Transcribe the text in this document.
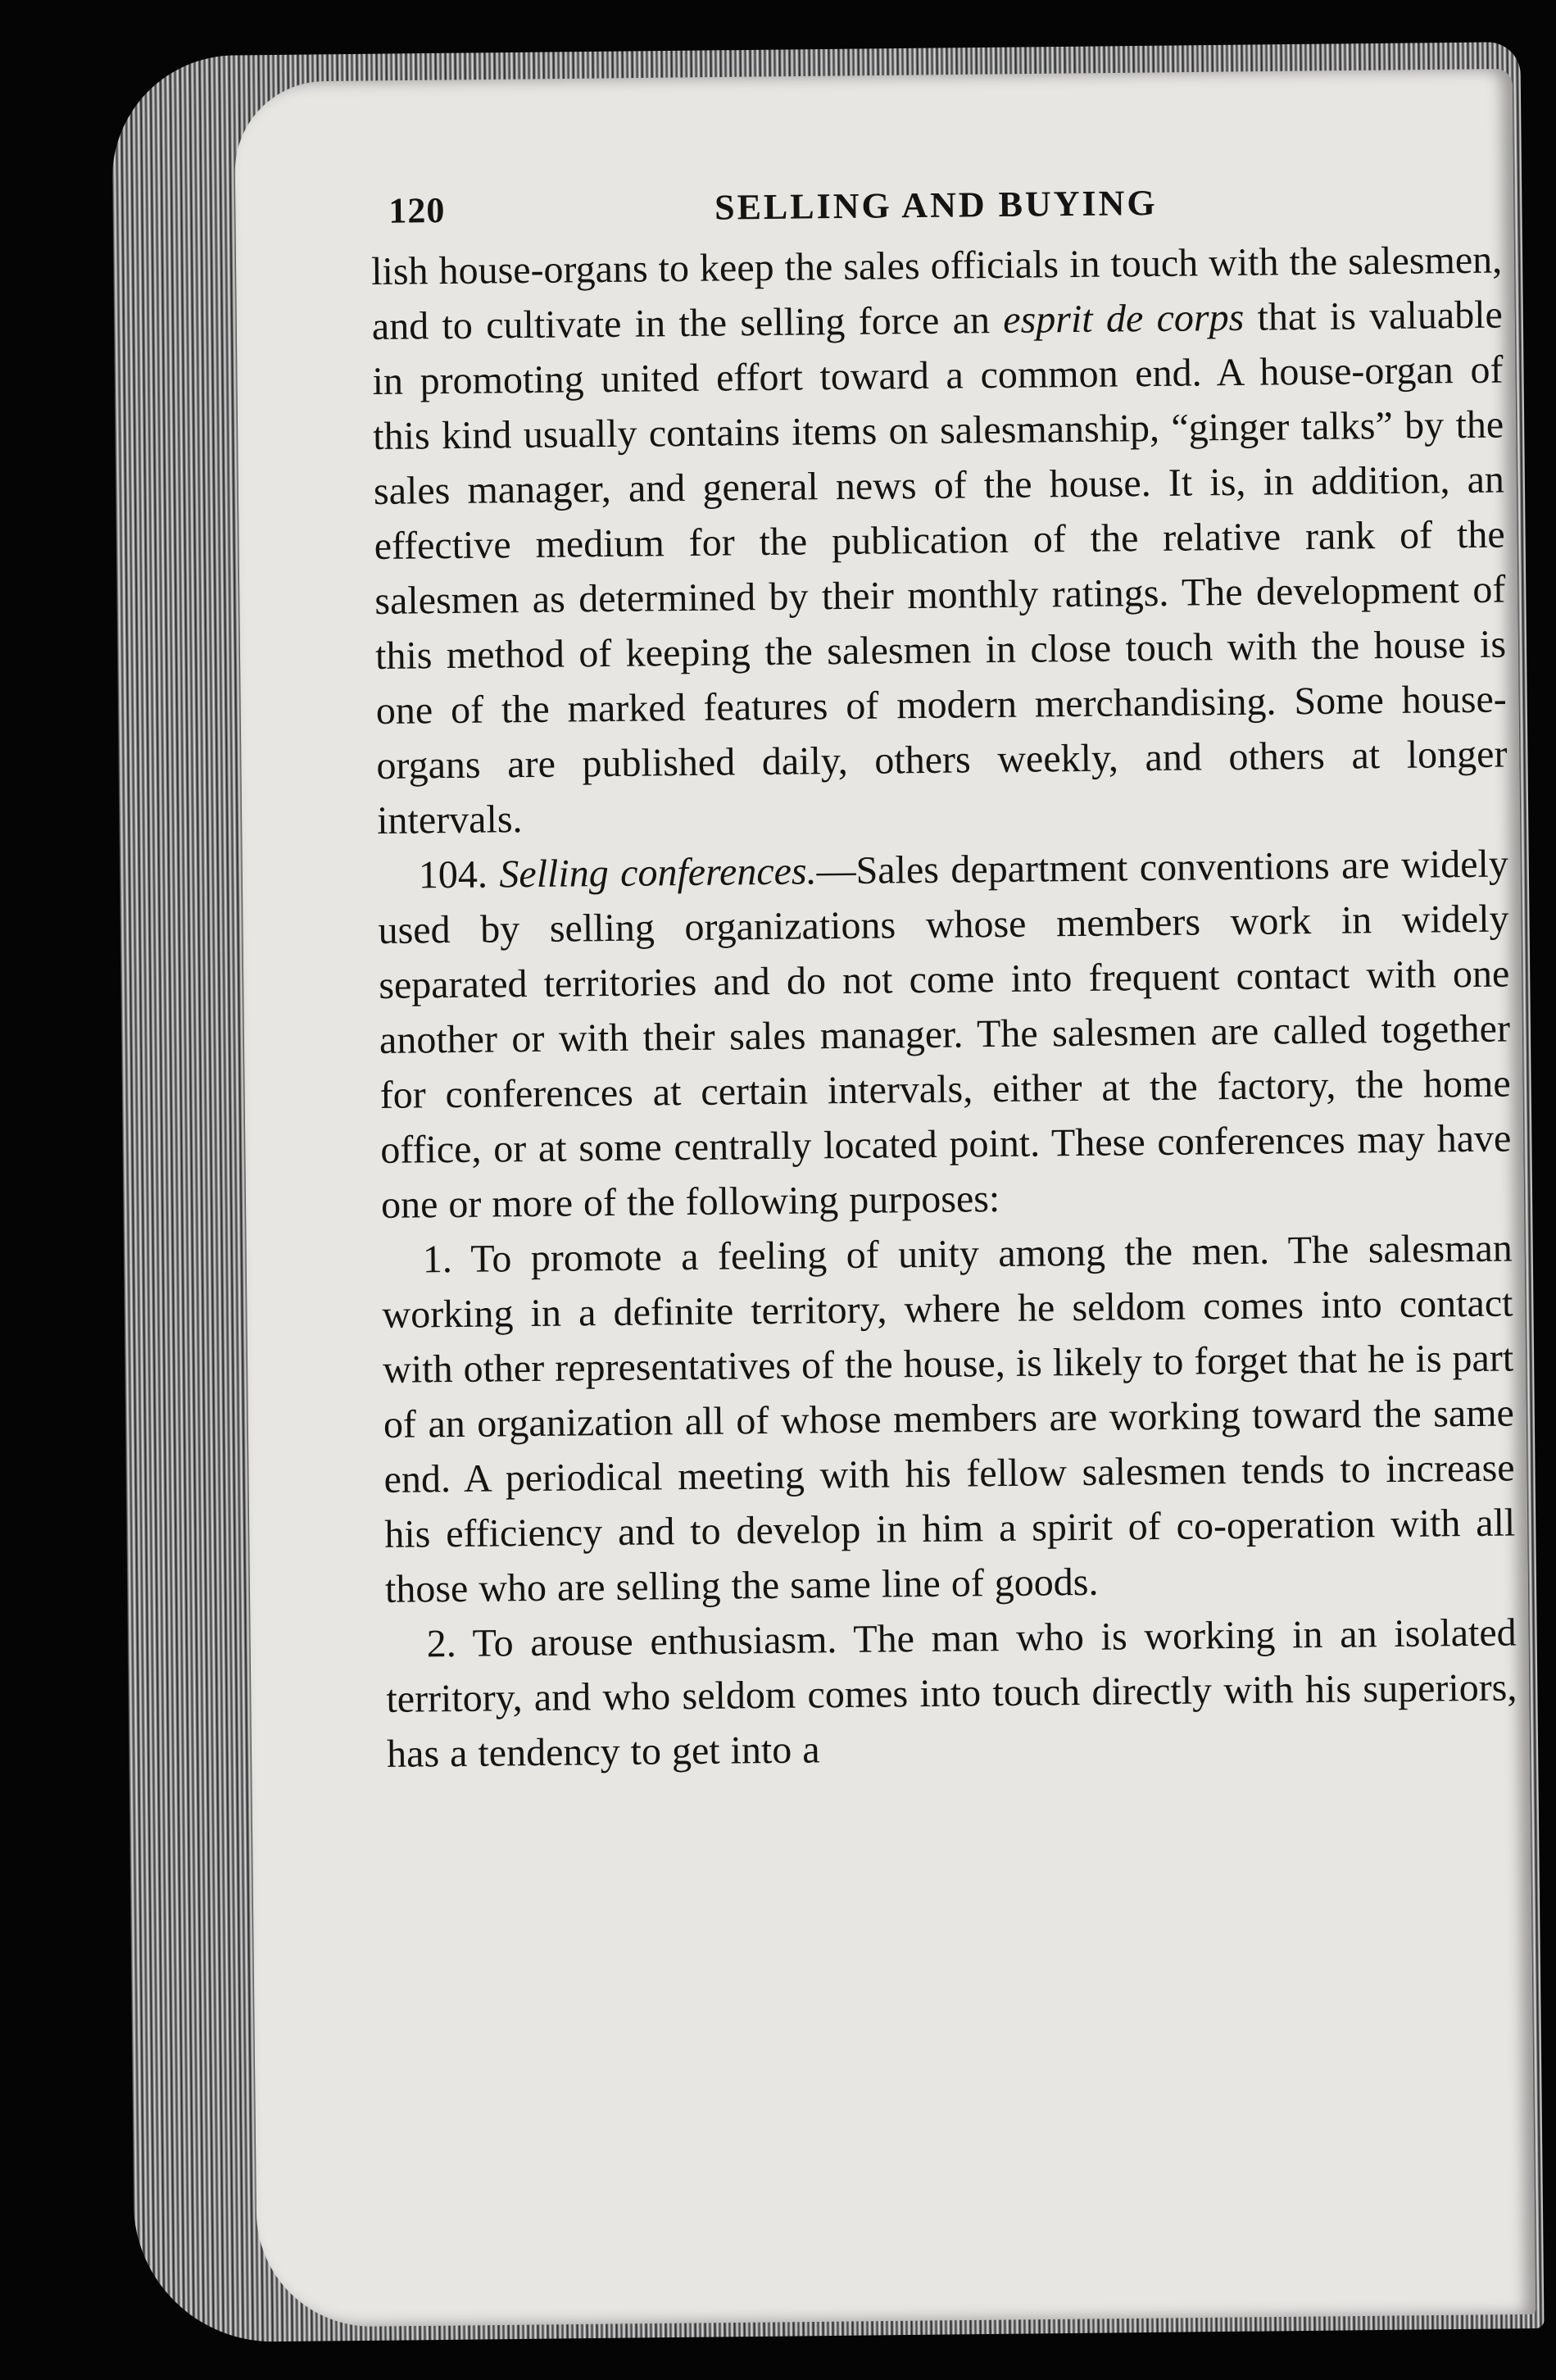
120	SELLING AND BUYING

lish house-organs to keep the sales officials in touch with the salesmen, and to cultivate in the selling force an esprit de corps that is valuable in promoting united effort toward a common end. A house-organ of this kind usually contains items on salesmanship, “ginger talks” by the sales manager, and general news of the house. It is, in addition, an effective medium for the publication of the relative rank of the salesmen as determined by their monthly ratings. The development of this method of keeping the salesmen in close touch with the house is one of the marked features of modern merchandising. Some house-organs are published daily, others weekly, and others at longer intervals.

104. Selling conferences.—Sales department conventions are widely used by selling organizations whose members work in widely separated territories and do not come into frequent contact with one another or with their sales manager. The salesmen are called together for conferences at certain intervals, either at the factory, the home office, or at some centrally located point. These conferences may have one or more of the following purposes:

1. To promote a feeling of unity among the men. The salesman working in a definite territory, where he seldom comes into contact with other representatives of the house, is likely to forget that he is part of an organization all of whose members are working toward the same end. A periodical meeting with his fellow salesmen tends to increase his efficiency and to develop in him a spirit of co-operation with all those who are selling the same line of goods.

2. To arouse enthusiasm. The man who is working in an isolated territory, and who seldom comes into touch directly with his superiors, has a tendency to get into a
